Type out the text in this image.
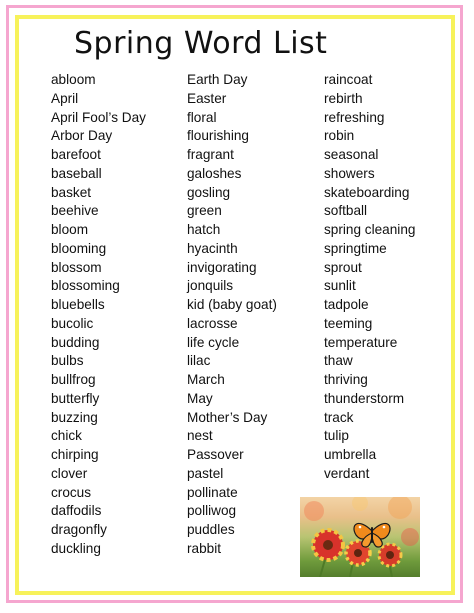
Spring Word List
abloom
April
April Fool’s Day
Arbor Day
barefoot
baseball
basket
beehive
bloom
blooming
blossom
blossoming
bluebells
bucolic
budding
bulbs
bullfrog
butterfly
buzzing
chick
chirping
clover
crocus
daffodils
dragonfly
duckling
Earth Day
Easter
floral
flourishing
fragrant
galoshes
gosling
green
hatch
hyacinth
invigorating
jonquils
kid (baby goat)
lacrosse
life cycle
lilac
March
May
Mother’s Day
nest
Passover
pastel
pollinate
polliwog
puddles
rabbit
raincoat
rebirth
refreshing
robin
seasonal
showers
skateboarding
softball
spring cleaning
springtime
sprout
sunlit
tadpole
teeming
temperature
thaw
thriving
thunderstorm
track
tulip
umbrella
verdant
